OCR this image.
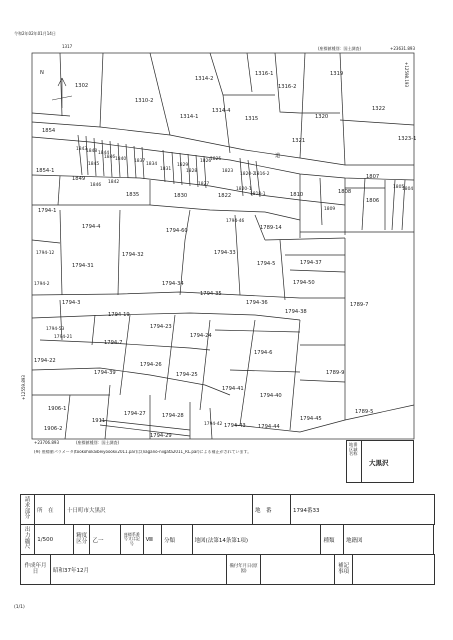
令和2年02年01月14日
1317	(座標値種別：国土調査)	+23631.893
N
道
1302
1310-2
1314-2
1316-1
1316-2
1319
1322
1315
1314-1
1314-4
1320
1321	1323-1
1854
1843
1848 1844
1845
1846 1840 1837
1834
1831
1829
1828
1826
1825
1823
1820-2
1816-2
1854-1
1849
1846
1842
1835	1830
1827
1822
1820-1
1818-1	1810	1808
1807
1806
1805
1804
1809
1794-1
1794-4
1794-46
1794-60	1789-14
1794-12	1794-32	1794-33
1794-5	1794-37
1794-31
1794-34	1794-50
1794-2
1794-35
1794-36	1789-7
1794-3
1794-19	1794-38
1794-53
1794-21
1794-23
1794-24
1794-7
1794-6
1794-22
1794-26
1794-25
1794-39	1789-9
1794-41
1794-40
1906-1
1911
1794-27	1794-28
1794-42 1794-43 1794-44
1794-45
1789-5
1906-2
1794-29
+12598.193
+12559.893
+23706.893	(座標値種別：国土調査)
(※) 座標値パラメータ(tookohokaibeiyoookii2011.par)は(nagano-niigata2011_RL.par)による補正がされています。
地番区域名称
大黒沢
請求部分	所　在	十日町市大黒沢	地　番	1794番33
出力縮尺	1/500	精度区分	乙一	座標系番号又は記号	Ⅷ	分類	地図(法第14条第1項)	種類	地籍図
作成年月日	昭和37年12月	備付年月日(原図)		補記事項	
(1/1)
